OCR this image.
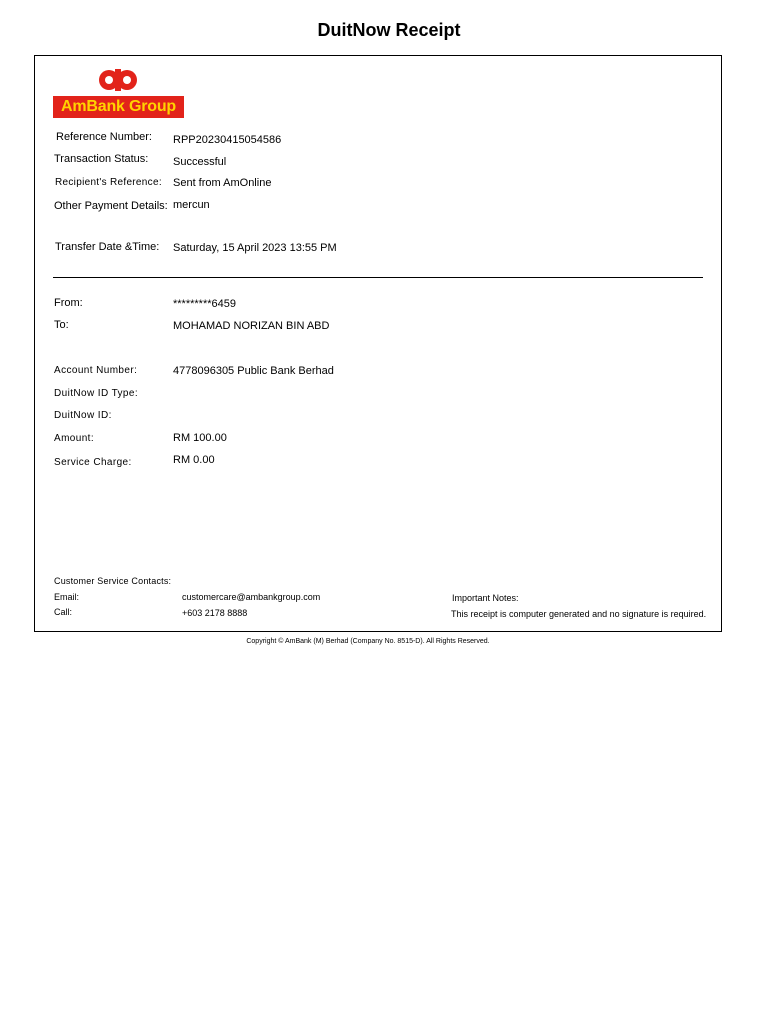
DuitNow Receipt
AmBank Group
Reference Number: RPP20230415054586
Transaction Status: Successful
Recipient's Reference: Sent from AmOnline
Other Payment Details: mercun
Transfer Date &Time: Saturday, 15 April 2023 13:55 PM
From:	*********6459
To:	MOHAMAD NORIZAN BIN ABD
Account Number:	4778096305 Public Bank Berhad
DuitNow ID Type:
DuitNow ID:
Amount:	RM 100.00
Service Charge:	RM 0.00
Customer Service Contacts:
Email:	customercare@ambankgroup.com
Call:	+603 2178 8888
Important Notes:
This receipt is computer generated and no signature is required.
Copyright © AmBank (M) Berhad (Company No. 8515-D). All Rights Reserved.
